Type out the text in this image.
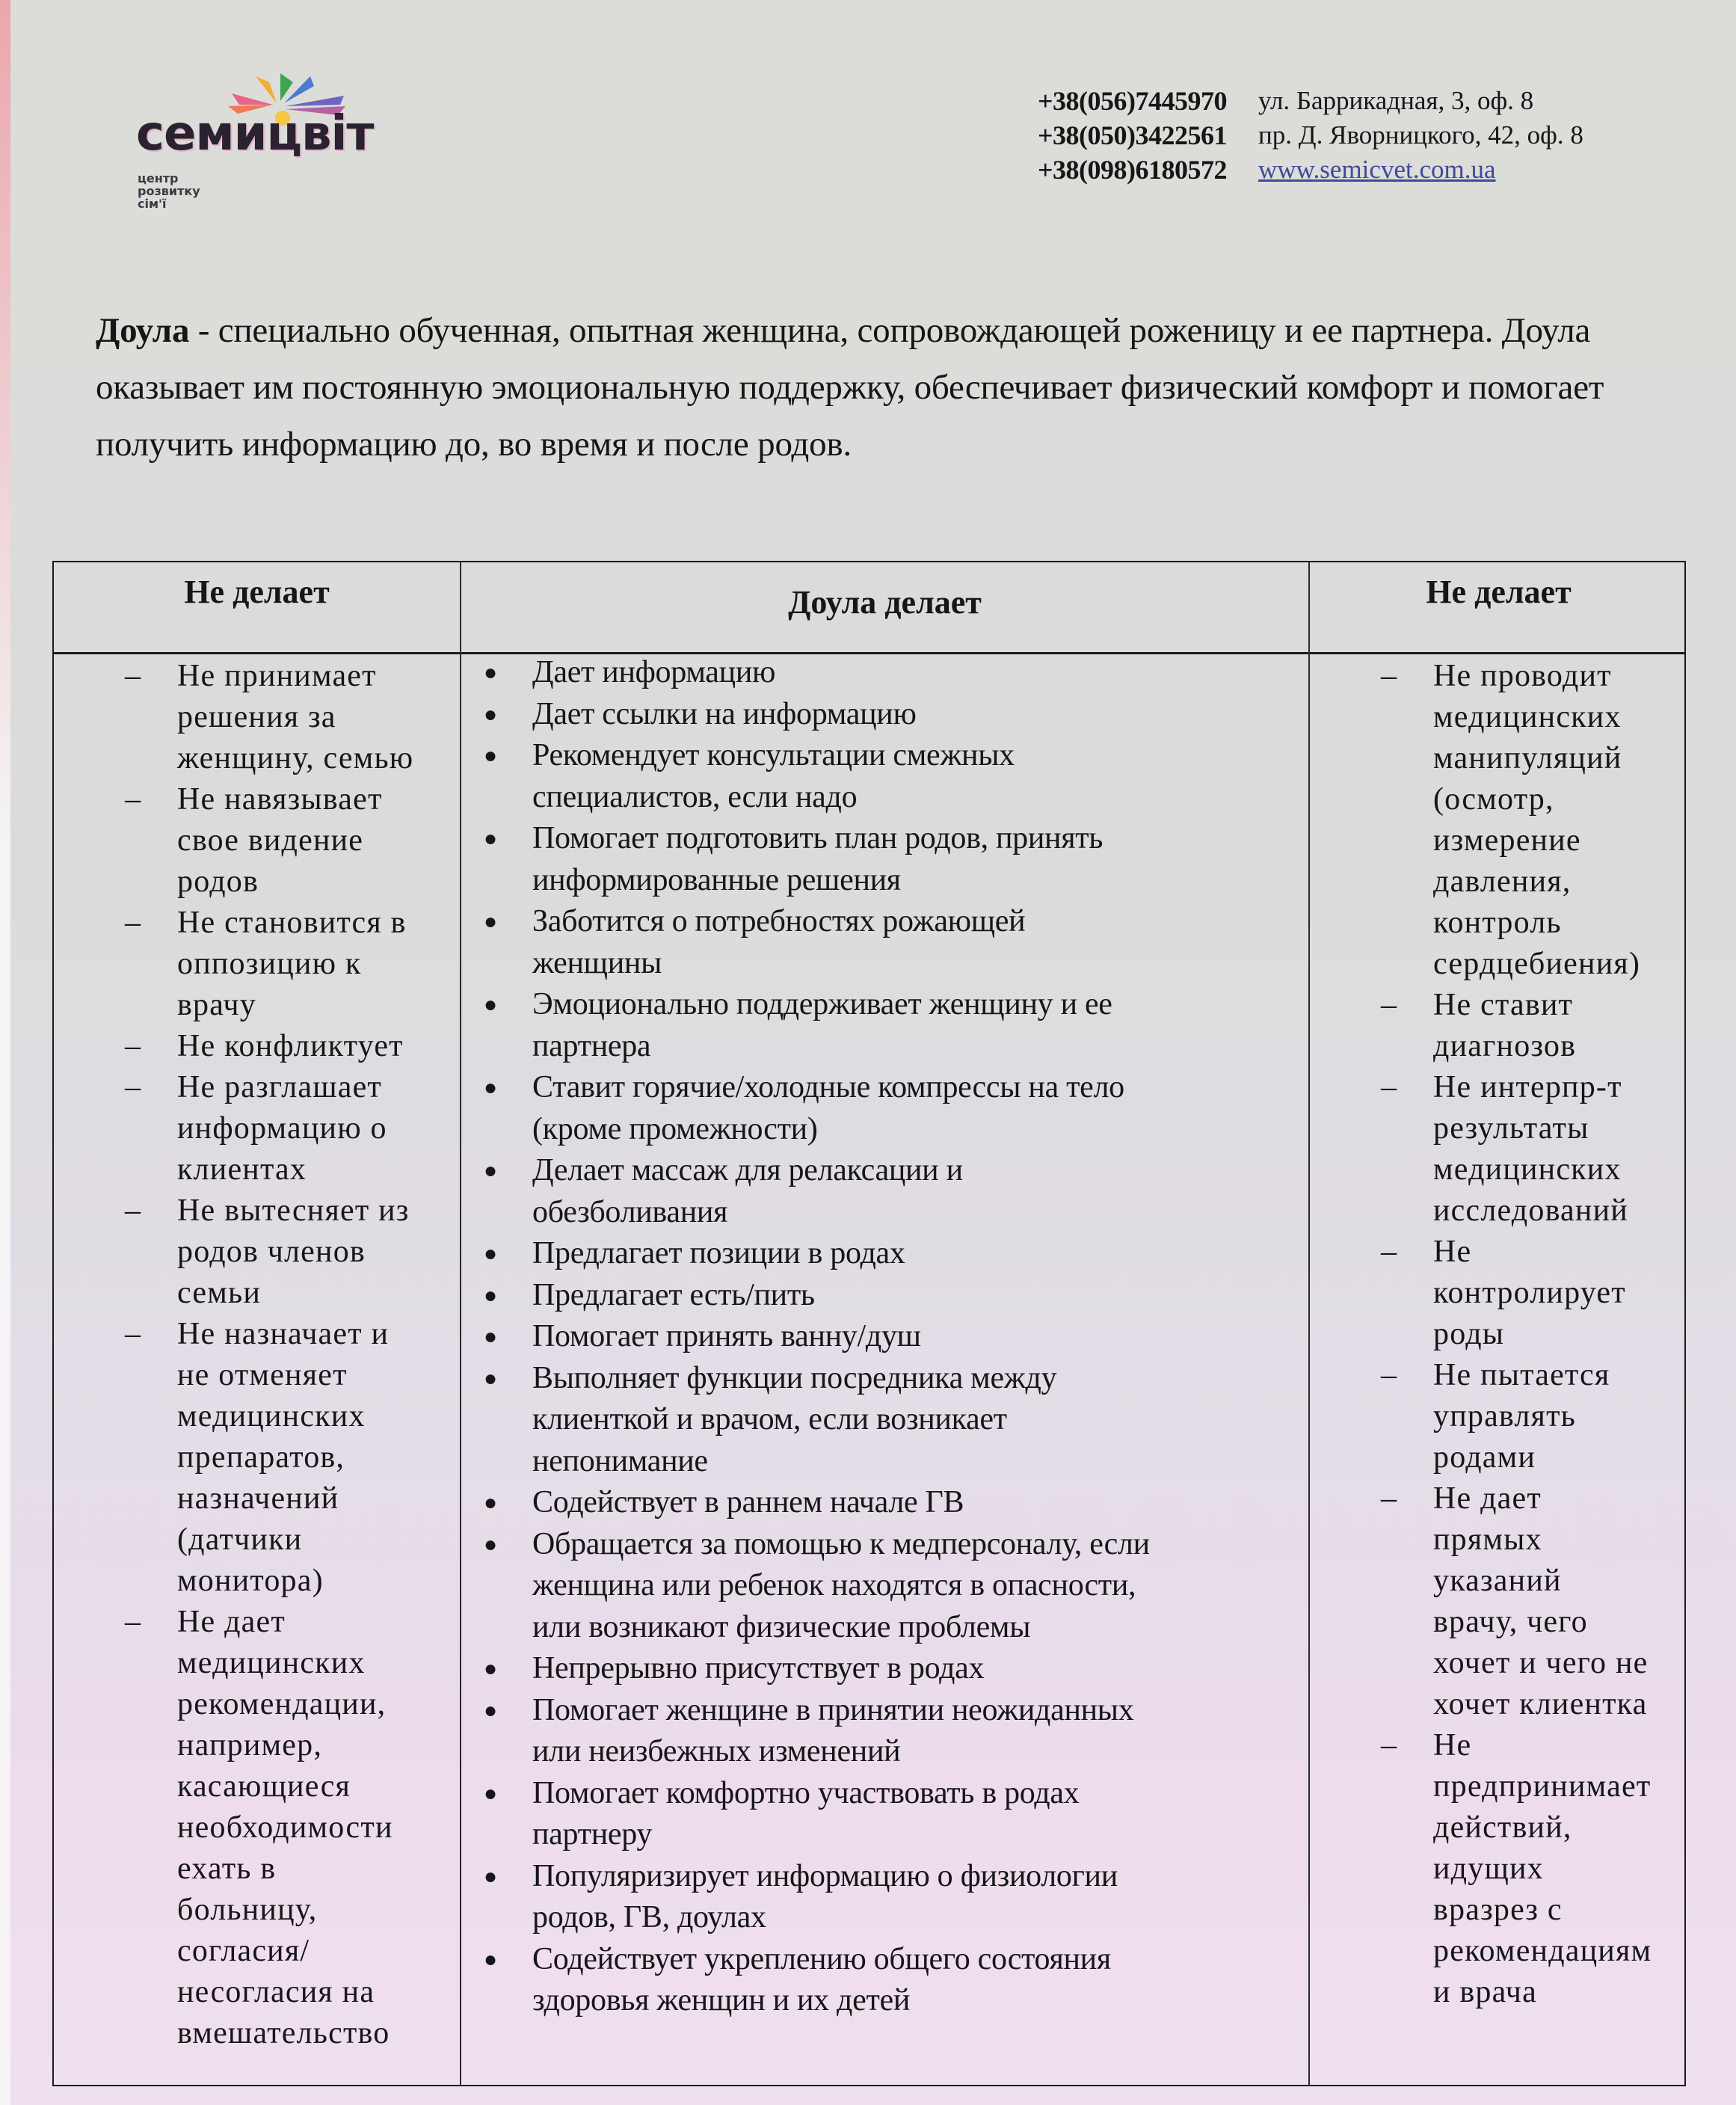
семицвіт
центр
розвитку
сім'ї
+38(056)7445970
+38(050)3422561
+38(098)6180572
ул. Баррикадная, 3, оф. 8
пр. Д. Яворницкого, 42, оф. 8
www.semicvet.com.ua
Доула - специально обученная, опытная женщина, сопровождающей роженицу и ее партнера. Доула оказывает им постоянную эмоциональную поддержку, обеспечивает физический комфорт и помогает получить информацию до, во время и после родов.
Не делает	Доула делает	Не делает
– Не принимает
решения за
женщину, семью
– Не навязывает
свое видение
родов
– Не становится в
оппозицию к
врачу
– Не конфликтует
– Не разглашает
информацию о
клиентах
– Не вытесняет из
родов членов
семьи
– Не назначает и
не отменяет
медицинских
препаратов,
назначений
(датчики
монитора)
– Не дает
медицинских
рекомендации,
например,
касающиеся
необходимости
ехать в
больницу,
согласия/
несогласия на
вмешательство
● Дает информацию
● Дает ссылки на информацию
● Рекомендует консультации смежных
специалистов, если надо
● Помогает подготовить план родов, принять
информированные решения
● Заботится о потребностях рожающей
женщины
● Эмоционально поддерживает женщину и ее
партнера
● Ставит горячие/холодные компрессы на тело
(кроме промежности)
● Делает массаж для релаксации и
обезболивания
● Предлагает позиции в родах
● Предлагает есть/пить
● Помогает принять ванну/душ
● Выполняет функции посредника между
клиенткой и врачом, если возникает
непонимание
● Содействует в раннем начале ГВ
● Обращается за помощью к медперсоналу, если
женщина или ребенок находятся в опасности,
или возникают физические проблемы
● Непрерывно присутствует в родах
● Помогает женщине в принятии неожиданных
или неизбежных изменений
● Помогает комфортно участвовать в родах
партнеру
● Популяризирует информацию о физиологии
родов, ГВ, доулах
● Содействует укреплению общего состояния
здоровья женщин и их детей
– Не проводит
медицинских
манипуляций
(осмотр,
измерение
давления,
контроль
сердцебиения)
– Не ставит
диагнозов
– Не интерпр-т
результаты
медицинских
исследований
– Не
контролирует
роды
– Не пытается
управлять
родами
– Не дает
прямых
указаний
врачу, чего
хочет и чего не
хочет клиентка
– Не
предпринимает
действий,
идущих
вразрез с
рекомендациям
и врача
